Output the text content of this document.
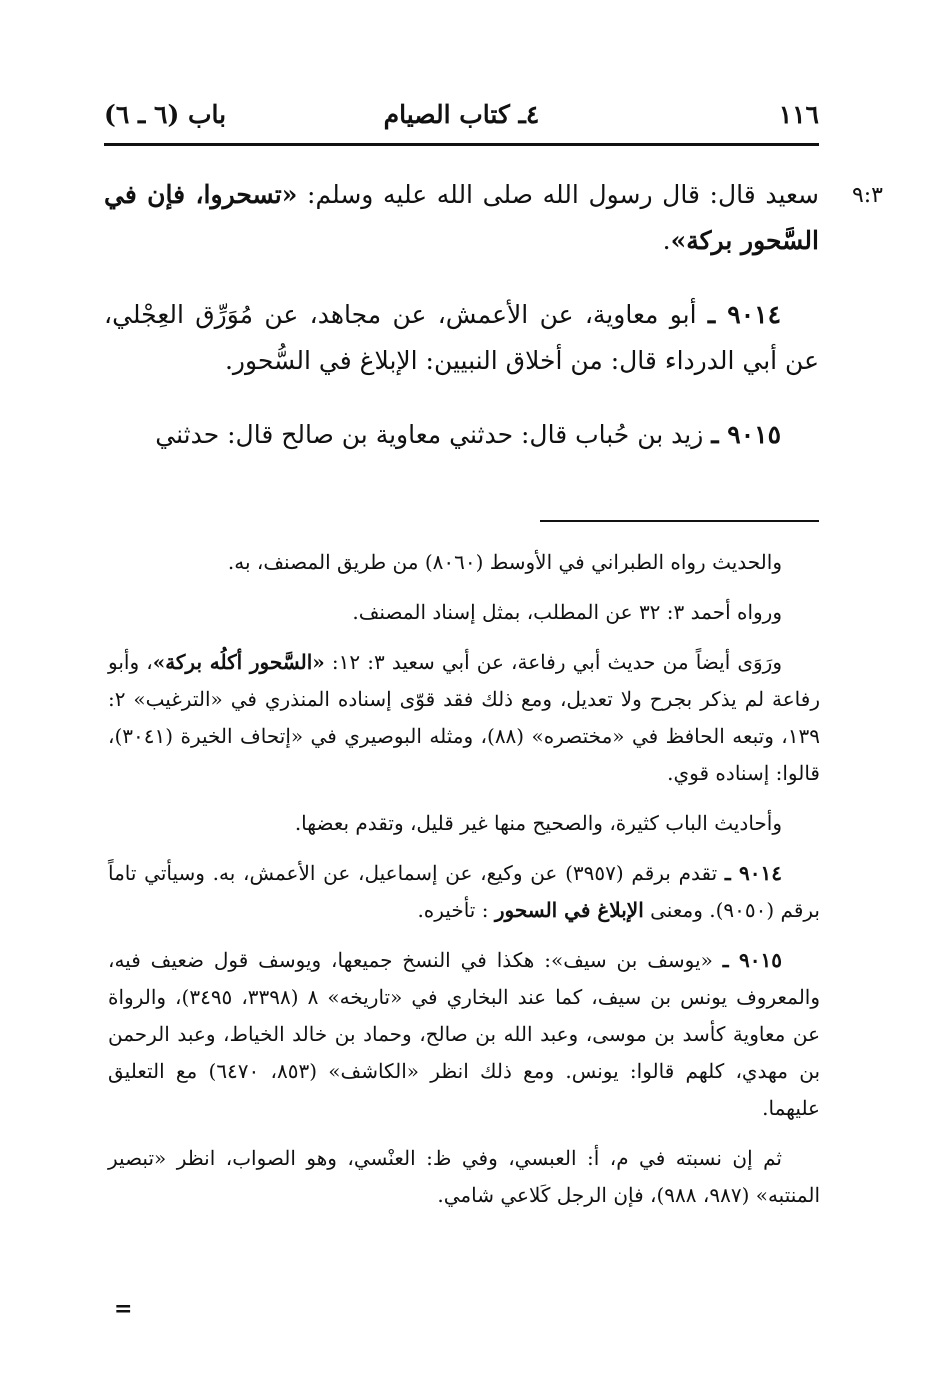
١١٦
٤ـ كتاب الصيام
باب (٦ ـ ٦)
٩:٣

سعيد قال: قال رسول الله صلى الله عليه وسلم: «تسحروا، فإن في السَّحور بركة».

٩٠١٤ ـ أبو معاوية، عن الأعمش، عن مجاهد، عن مُوَرِّق العِجْلي، عن أبي الدرداء قال: من أخلاق النبيين: الإبلاغ في السُّحور.

٩٠١٥ ـ زيد بن حُباب قال: حدثني معاوية بن صالح قال: حدثني

والحديث رواه الطبراني في الأوسط (٨٠٦٠) من طريق المصنف، به.

ورواه أحمد ٣: ٣٢ عن المطلب، بمثل إسناد المصنف.

ورَوَى أيضاً من حديث أبي رفاعة، عن أبي سعيد ٣: ١٢: «السَّحور أكلُه بركة»، وأبو رفاعة لم يذكر بجرح ولا تعديل، ومع ذلك فقد قوّى إسناده المنذري في «الترغيب» ٢: ١٣٩، وتبعه الحافظ في «مختصره» (٨٨)، ومثله البوصيري في «إتحاف الخيرة (٣٠٤١)، قالوا: إسناده قوي.

وأحاديث الباب كثيرة، والصحيح منها غير قليل، وتقدم بعضها.

٩٠١٤ ـ تقدم برقم (٣٩٥٧) عن وكيع، عن إسماعيل، عن الأعمش، به. وسيأتي تاماً برقم (٩٠٥٠). ومعنى الإبلاغ في السحور : تأخيره.

٩٠١٥ ـ «يوسف بن سيف»: هكذا في النسخ جميعها، ويوسف قول ضعيف فيه، والمعروف يونس بن سيف، كما عند البخاري في «تاريخه» ٨ (٣٣٩٨، ٣٤٩٥)، والرواة عن معاوية كأسد بن موسى، وعبد الله بن صالح، وحماد بن خالد الخياط، وعبد الرحمن بن مهدي، كلهم قالوا: يونس. ومع ذلك انظر «الكاشف» (٨٥٣، ٦٤٧٠) مع التعليق عليهما.

ثم إن نسبته في م، أ: العبسي، وفي ظ: العنْسي، وهو الصواب، انظر «تبصير المنتبه» (٩٨٧، ٩٨٨)، فإن الرجل كَلاعي شامي.

=
